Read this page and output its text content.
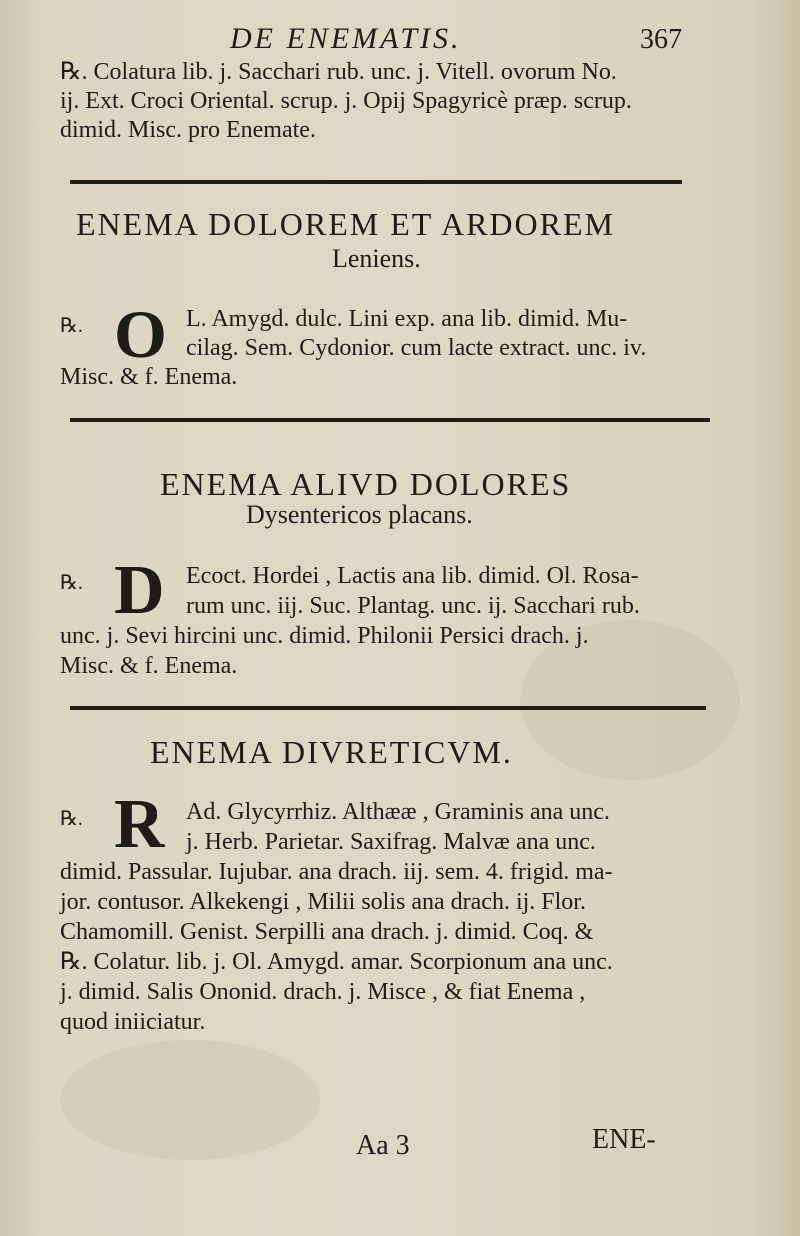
DE ENEMATIS.	367
℞. Colatura lib. j. Sacchari rub. unc. j. Vitell. ovorum No.
ij. Ext. Croci Oriental. scrup. j. Opij Spagyricè præp. scrup.
dimid. Misc. pro Enemate.
ENEMA DOLOREM ET ARDOREM
Leniens.
℞. O L. Amygd. dulc. Lini exp. ana lib. dimid. Mu-
cilag. Sem. Cydonior. cum lacte extract. unc. iv.
Misc. & f. Enema.
ENEMA ALIVD DOLORES
Dysentericos placans.
℞. D Ecoct. Hordei , Lactis ana lib. dimid. Ol. Rosa-
rum unc. iij. Suc. Plantag. unc. ij. Sacchari rub.
unc. j. Sevi hircini unc. dimid. Philonii Persici drach. j.
Misc. & f. Enema.
ENEMA DIVRETICVM.
℞. R Ad. Glycyrrhiz. Althææ , Graminis ana unc.
j. Herb. Parietar. Saxifrag. Malvæ ana unc.
dimid. Passular. Iujubar. ana drach. iij. sem. 4. frigid. ma-
jor. contusor. Alkekengi , Milii solis ana drach. ij. Flor.
Chamomill. Genist. Serpilli ana drach. j. dimid. Coq. &
℞. Colatur. lib. j. Ol. Amygd. amar. Scorpionum ana unc.
j. dimid. Salis Ononid. drach. j. Misce , & fiat Enema ,
quod iniiciatur.
Aa 3	ENE-
